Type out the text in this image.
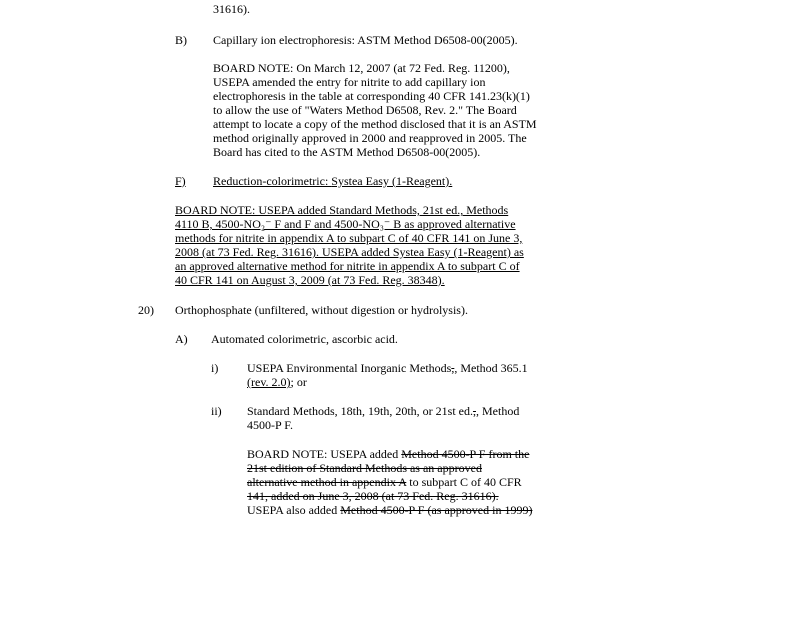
31616).
B) Capillary ion electrophoresis: ASTM Method D6508-00(2005).
BOARD NOTE: On March 12, 2007 (at 72 Fed. Reg. 11200),
USEPA amended the entry for nitrite to add capillary ion
electrophoresis in the table at corresponding 40 CFR 141.23(k)(1)
to allow the use of "Waters Method D6508, Rev. 2." The Board
attempt to locate a copy of the method disclosed that it is an ASTM
method originally approved in 2000 and reapproved in 2005. The
Board has cited to the ASTM Method D6508-00(2005).
F) Reduction-colorimetric: Systea Easy (1-Reagent).
BOARD NOTE: USEPA added Standard Methods, 21st ed., Methods
4110 B, 4500-NO₂⁻ F and F and 4500-NO₃⁻ B as approved alternative
methods for nitrite in appendix A to subpart C of 40 CFR 141 on June 3,
2008 (at 73 Fed. Reg. 31616). USEPA added Systea Easy (1-Reagent) as
an approved alternative method for nitrite in appendix A to subpart C of
40 CFR 141 on August 3, 2009 (at 73 Fed. Reg. 38348).
20) Orthophosphate (unfiltered, without digestion or hydrolysis).
A) Automated colorimetric, ascorbic acid.
i) USEPA Environmental Inorganic Methods,, Method 365.1
(rev. 2.0); or
ii) Standard Methods, 18th, 19th, 20th, or 21st ed.,, Method
4500-P F.
BOARD NOTE: USEPA added Method 4500-P F from the
21st edition of Standard Methods as an approved
alternative method in appendix A to subpart C of 40 CFR
141, added on June 3, 2008 (at 73 Fed. Reg. 31616).
USEPA also added Method 4500-P F (as approved in 1999)
